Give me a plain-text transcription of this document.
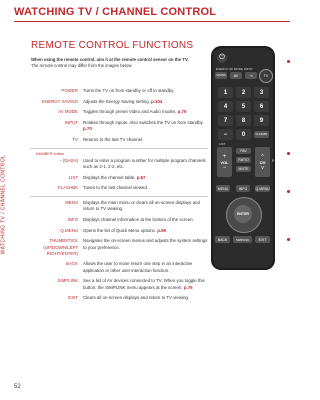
WATCHING TV / CHANNEL CONTROL
WATCHING TV / CHANNEL CONTROL
REMOTE CONTROL FUNCTIONS
When using the remote control, aim it at the remote control sensor on the TV.
The remote control may differ from the images below.
POWER	Turns the TV on from standby or off to standby.
ENERGY SAVING	Adjusts the Energy Saving setting. p.104
AV MODE	Toggles through preset Video and Audio modes. p.75
INPUT	Rotates through inputs. Also switches the TV on from standby. p.70
TV	Returns to the last TV channel.
NUMBER button
− (DASH)	Used to enter a program number for multiple program channels such as 2-1, 2-2, etc.
LIST	Displays the channel table. p.67
FLASHBK	Tunes to the last channel viewed.
MENU	Displays the main menu or clears all on-screen displays and return to TV viewing.
INFO	Displays channel information at the bottom of the screen.
Q.MENU	Opens the list of Quick Menu options. p.59
THUMBSTICK (UP/DOWN/LEFT RIGHT/ENTER)
Navigates the on-screen menus and adjusts the system settings to your preference.
BACK	Allows the user to move return one step in an interactive application or other user interaction function.
SIMPLINK	See a list of AV devices connected to TV. When you toggle this button, the SIMPLINK menu appears at the screen. p.76
EXIT	Clears all on-screen displays and return to TV viewing.
⏻
ENERGY AV MODE INPUT
SAVING	AV	⇥	TV
1	2	3
4	5	6
7	8	9
−	0	FLASHBK
LIST
FAV
+
VOL
−
RATIO
MUTE
^
CH
v
P
MENU	INFO	Q.MENU
ENTER
BACK	SIMPLINK	EXIT
52
